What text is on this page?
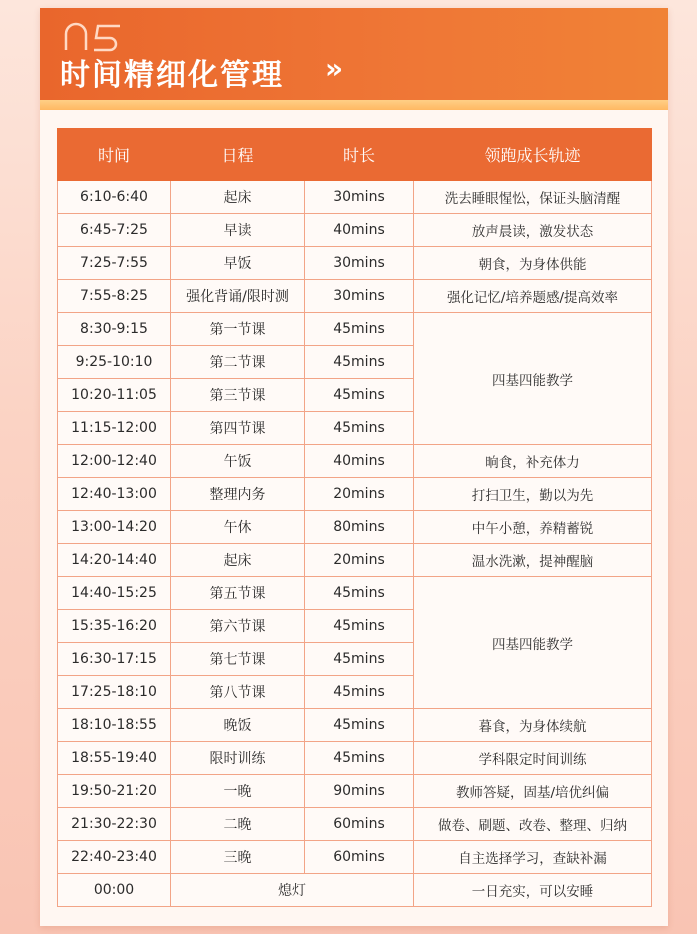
时间精细化管理 »
时间	日程	时长	领跑成长轨迹
6:10-6:40	起床	30mins	洗去睡眼惺忪，保证头脑清醒
6:45-7:25	早读	40mins	放声晨读，激发状态
7:25-7:55	早饭	30mins	朝食，为身体供能
7:55-8:25	强化背诵/限时测	30mins	强化记忆/培养题感/提高效率
8:30-9:15	第一节课	45mins	四基四能教学
9:25-10:10	第二节课	45mins	
10:20-11:05	第三节课	45mins	
11:15-12:00	第四节课	45mins	
12:00-12:40	午饭	40mins	晌食，补充体力
12:40-13:00	整理内务	20mins	打扫卫生，勤以为先
13:00-14:20	午休	80mins	中午小憩，养精蓄锐
14:20-14:40	起床	20mins	温水洗漱，提神醒脑
14:40-15:25	第五节课	45mins	四基四能教学
15:35-16:20	第六节课	45mins	
16:30-17:15	第七节课	45mins	
17:25-18:10	第八节课	45mins	
18:10-18:55	晚饭	45mins	暮食，为身体续航
18:55-19:40	限时训练	45mins	学科限定时间训练
19:50-21:20	一晚	90mins	教师答疑，固基/培优纠偏
21:30-22:30	二晚	60mins	做卷、刷题、改卷、整理、归纳
22:40-23:40	三晚	60mins	自主选择学习，查缺补漏
00:00	熄灯		一日充实，可以安睡
